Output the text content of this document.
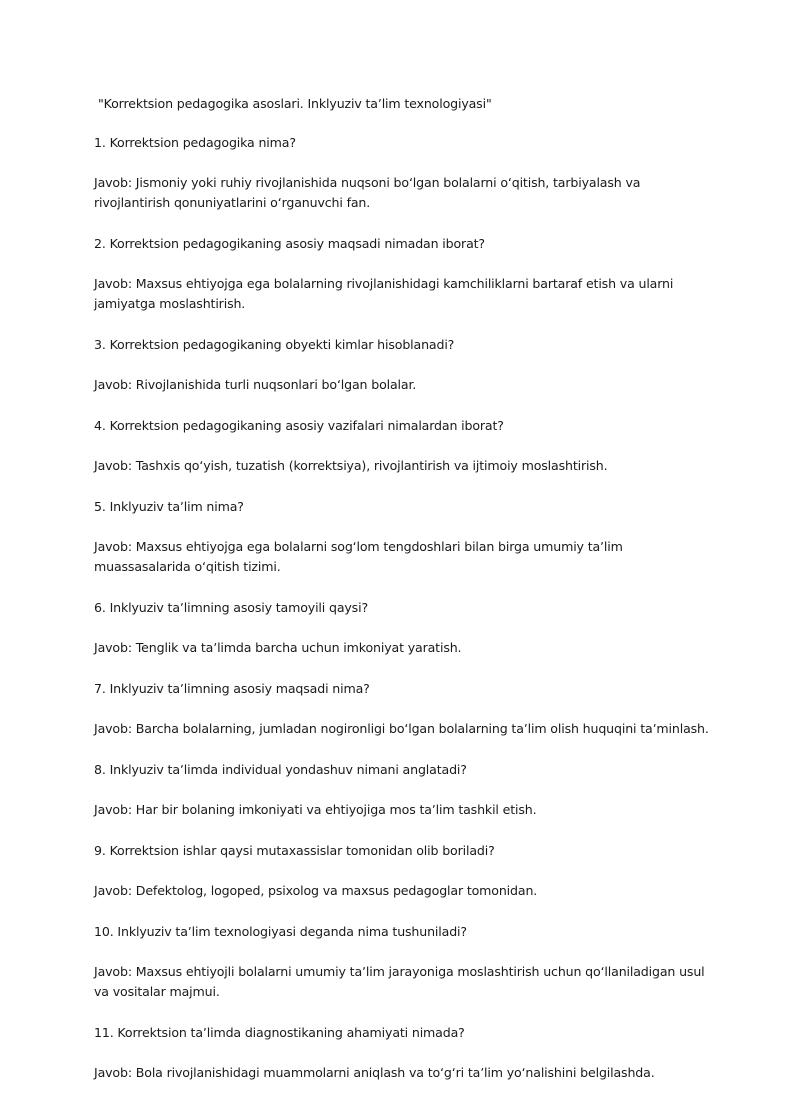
"Korrektsion pedagogika asoslari. Inklyuziv taʼlim texnologiyasi"

1. Korrektsion pedagogika nima?

Javob: Jismoniy yoki ruhiy rivojlanishida nuqsoni boʻlgan bolalarni oʻqitish, tarbiyalash va rivojlantirish qonuniyatlarini oʻrganuvchi fan.

2. Korrektsion pedagogikaning asosiy maqsadi nimadan iborat?

Javob: Maxsus ehtiyojga ega bolalarning rivojlanishidagi kamchiliklarni bartaraf etish va ularni jamiyatga moslashtirish.

3. Korrektsion pedagogikaning obyekti kimlar hisoblanadi?

Javob: Rivojlanishida turli nuqsonlari boʻlgan bolalar.

4. Korrektsion pedagogikaning asosiy vazifalari nimalardan iborat?

Javob: Tashxis qoʻyish, tuzatish (korrektsiya), rivojlantirish va ijtimoiy moslashtirish.

5. Inklyuziv taʼlim nima?

Javob: Maxsus ehtiyojga ega bolalarni sogʻlom tengdoshlari bilan birga umumiy taʼlim muassasalarida oʻqitish tizimi.

6. Inklyuziv taʼlimning asosiy tamoyili qaysi?

Javob: Tenglik va taʼlimda barcha uchun imkoniyat yaratish.

7. Inklyuziv taʼlimning asosiy maqsadi nima?

Javob: Barcha bolalarning, jumladan nogironligi boʻlgan bolalarning taʼlim olish huquqini taʼminlash.

8. Inklyuziv taʼlimda individual yondashuv nimani anglatadi?

Javob: Har bir bolaning imkoniyati va ehtiyojiga mos taʼlim tashkil etish.

9. Korrektsion ishlar qaysi mutaxassislar tomonidan olib boriladi?

Javob: Defektolog, logoped, psixolog va maxsus pedagoglar tomonidan.

10. Inklyuziv taʼlim texnologiyasi deganda nima tushuniladi?

Javob: Maxsus ehtiyojli bolalarni umumiy taʼlim jarayoniga moslashtirish uchun qoʻllaniladigan usul va vositalar majmui.

11. Korrektsion taʼlimda diagnostikaning ahamiyati nimada?

Javob: Bola rivojlanishidagi muammolarni aniqlash va toʻgʻri taʼlim yoʻnalishini belgilashda.
